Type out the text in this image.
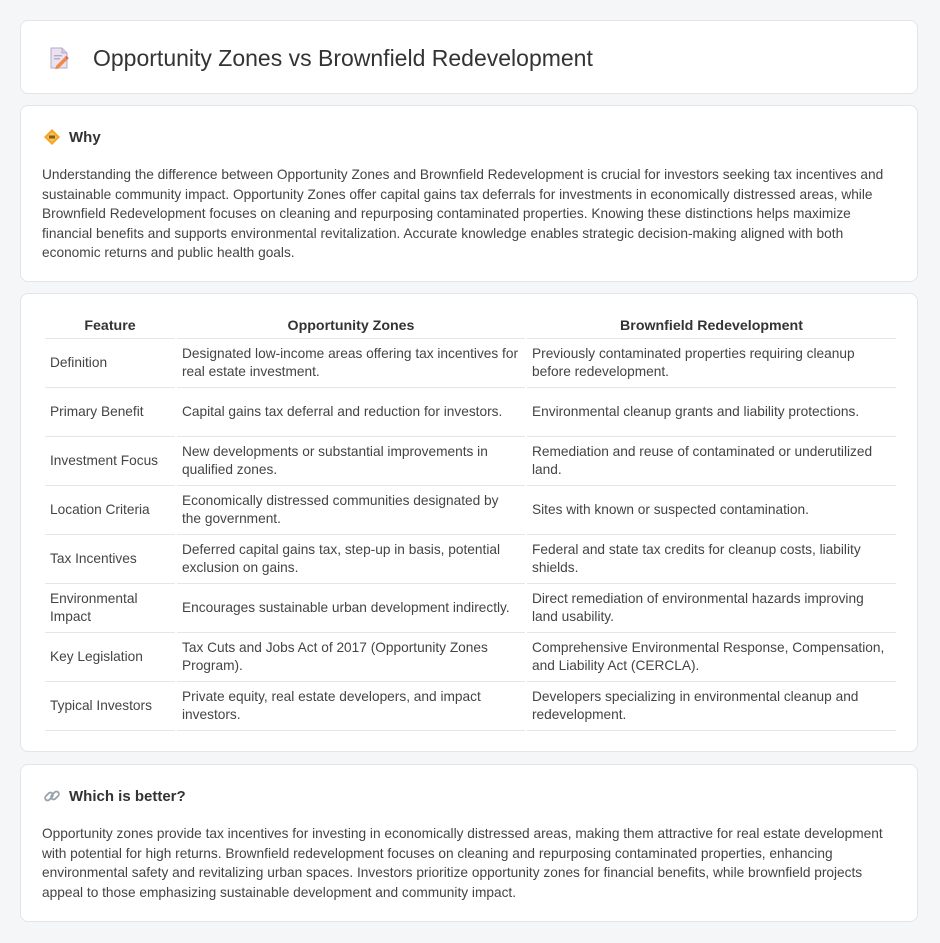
Opportunity Zones vs Brownfield Redevelopment
Why

Understanding the difference between Opportunity Zones and Brownfield Redevelopment is crucial for investors seeking tax incentives and sustainable community impact. Opportunity Zones offer capital gains tax deferrals for investments in economically distressed areas, while Brownfield Redevelopment focuses on cleaning and repurposing contaminated properties. Knowing these distinctions helps maximize financial benefits and supports environmental revitalization. Accurate knowledge enables strategic decision-making aligned with both economic returns and public health goals.

Feature	Opportunity Zones	Brownfield Redevelopment
Definition	Designated low-income areas offering tax incentives for real estate investment.	Previously contaminated properties requiring cleanup before redevelopment.
Primary Benefit	Capital gains tax deferral and reduction for investors.	Environmental cleanup grants and liability protections.
Investment Focus	New developments or substantial improvements in qualified zones.	Remediation and reuse of contaminated or underutilized land.
Location Criteria	Economically distressed communities designated by the government.	Sites with known or suspected contamination.
Tax Incentives	Deferred capital gains tax, step-up in basis, potential exclusion on gains.	Federal and state tax credits for cleanup costs, liability shields.
Environmental Impact	Encourages sustainable urban development indirectly.	Direct remediation of environmental hazards improving land usability.
Key Legislation	Tax Cuts and Jobs Act of 2017 (Opportunity Zones Program).	Comprehensive Environmental Response, Compensation, and Liability Act (CERCLA).
Typical Investors	Private equity, real estate developers, and impact investors.	Developers specializing in environmental cleanup and redevelopment.
Which is better?

Opportunity zones provide tax incentives for investing in economically distressed areas, making them attractive for real estate development with potential for high returns. Brownfield redevelopment focuses on cleaning and repurposing contaminated properties, enhancing environmental safety and revitalizing urban spaces. Investors prioritize opportunity zones for financial benefits, while brownfield projects appeal to those emphasizing sustainable development and community impact.
